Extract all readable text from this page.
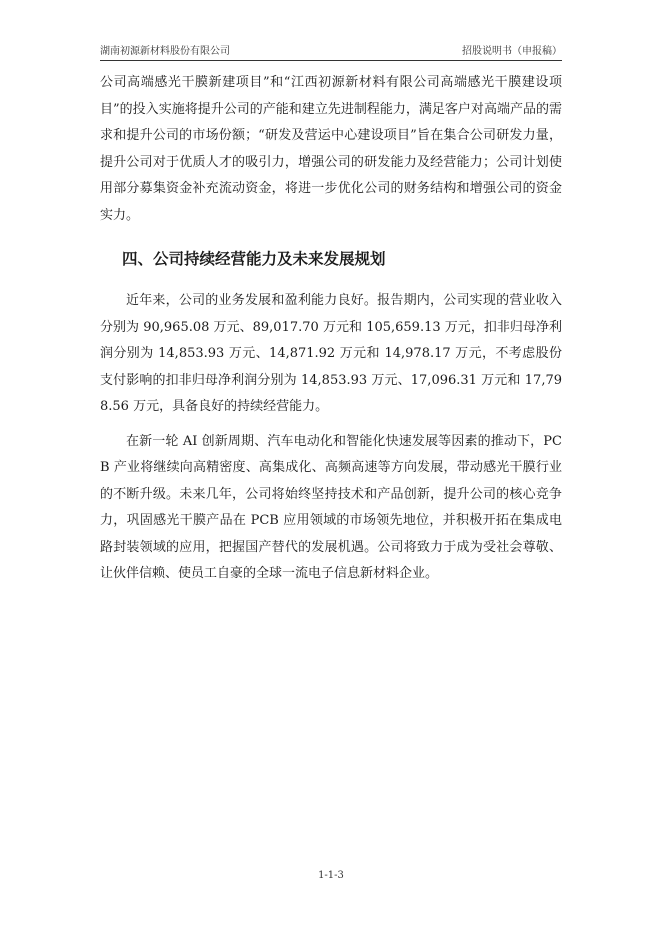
湖南初源新材料股份有限公司	招股说明书（申报稿）

公司高端感光干膜新建项目”和“江西初源新材料有限公司高端感光干膜建设项目”的投入实施将提升公司的产能和建立先进制程能力，满足客户对高端产品的需求和提升公司的市场份额；“研发及营运中心建设项目”旨在集合公司研发力量，提升公司对于优质人才的吸引力，增强公司的研发能力及经营能力；公司计划使用部分募集资金补充流动资金，将进一步优化公司的财务结构和增强公司的资金实力。

四、公司持续经营能力及未来发展规划

近年来，公司的业务发展和盈利能力良好。报告期内，公司实现的营业收入分别为 90,965.08 万元、89,017.70 万元和 105,659.13 万元，扣非归母净利润分别为 14,853.93 万元、14,871.92 万元和 14,978.17 万元，不考虑股份支付影响的扣非归母净利润分别为 14,853.93 万元、17,096.31 万元和 17,798.56 万元，具备良好的持续经营能力。

在新一轮 AI 创新周期、汽车电动化和智能化快速发展等因素的推动下，PCB 产业将继续向高精密度、高集成化、高频高速等方向发展，带动感光干膜行业的不断升级。未来几年，公司将始终坚持技术和产品创新，提升公司的核心竞争力，巩固感光干膜产品在 PCB 应用领域的市场领先地位，并积极开拓在集成电路封装领域的应用，把握国产替代的发展机遇。公司将致力于成为受社会尊敬、让伙伴信赖、使员工自豪的全球一流电子信息新材料企业。

1-1-3
